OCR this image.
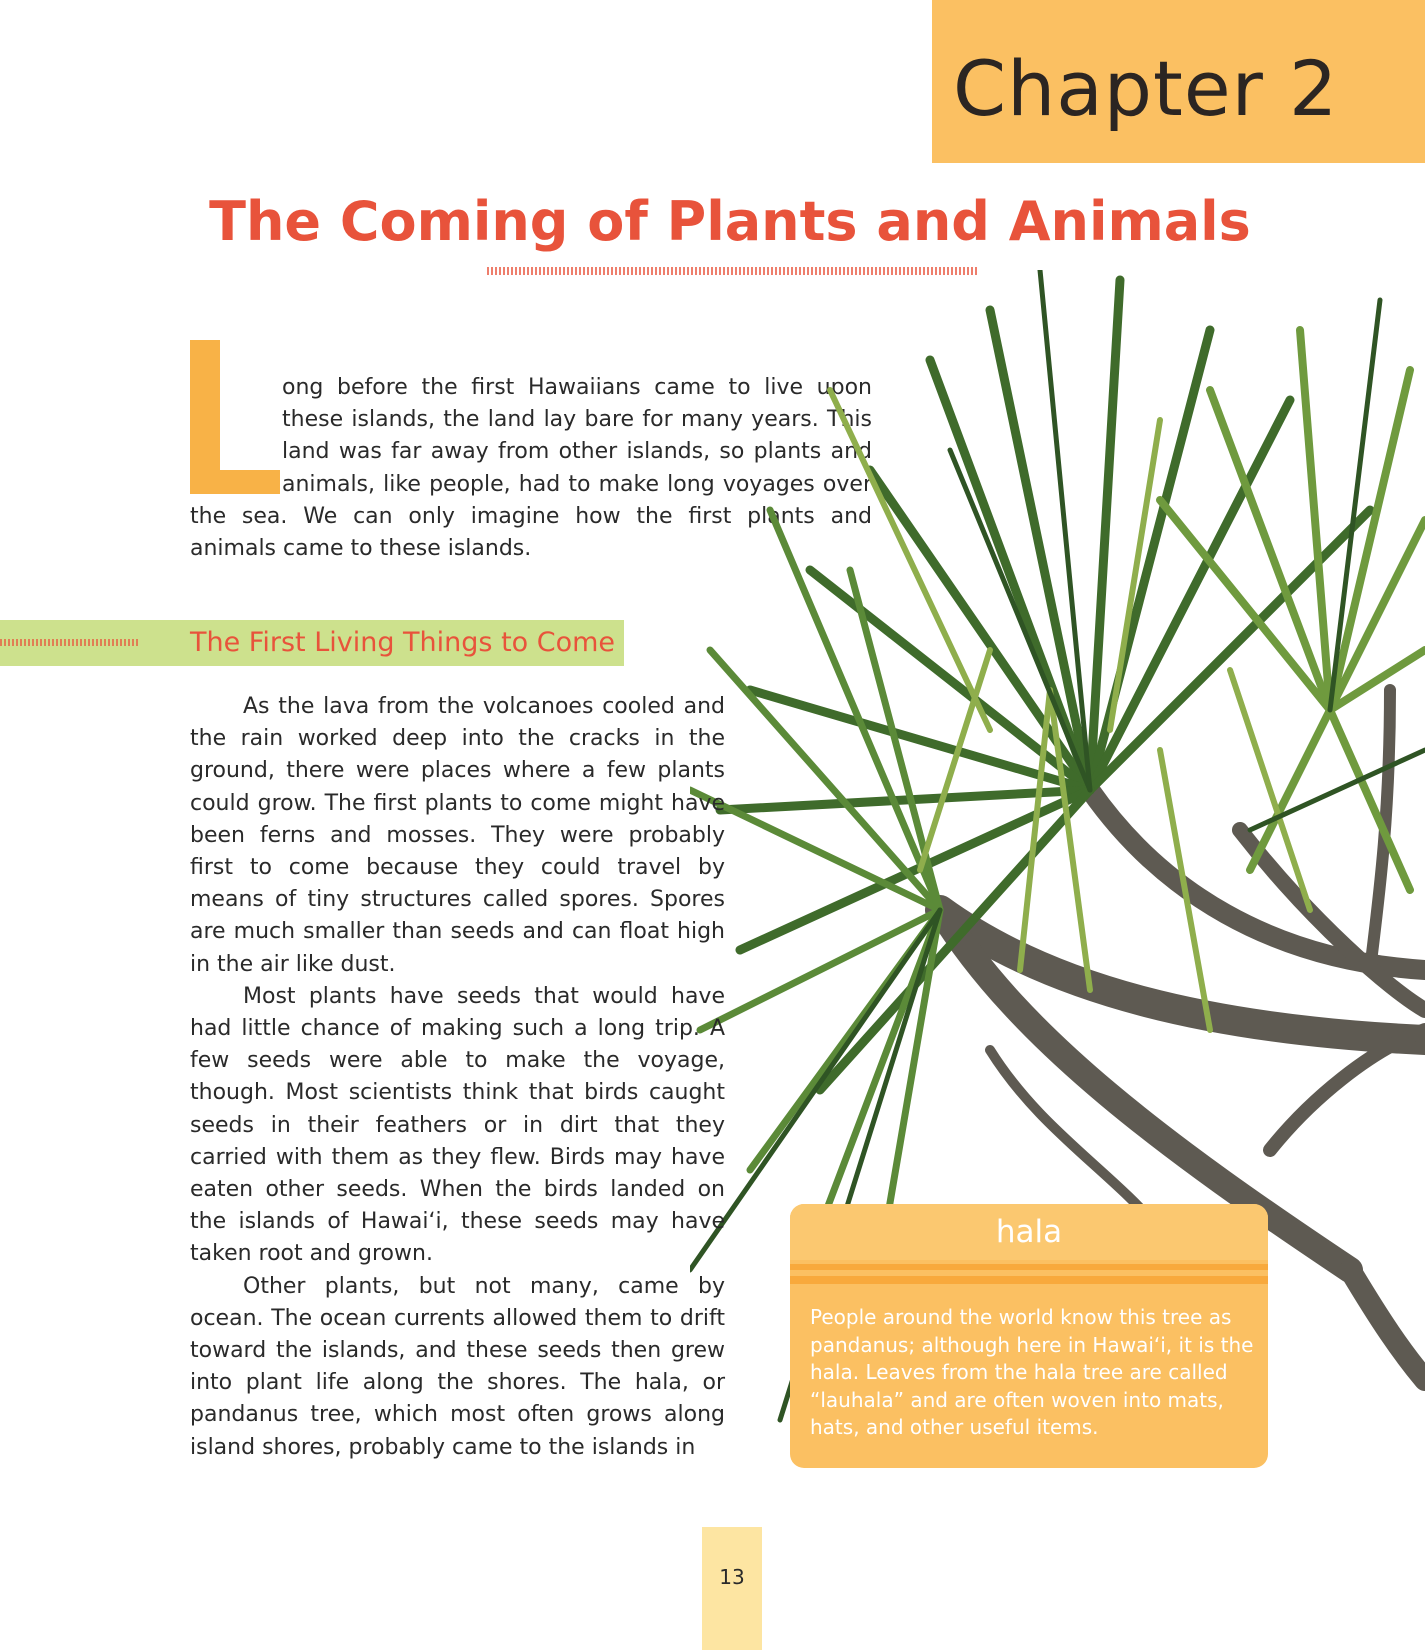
Chapter 2
The Coming of Plants and Animals
ong before the first Hawaiians came to live upon these islands, the land lay bare for many years. This land was far away from other islands, so plants and animals, like people, had to make long voyages over the sea. We can only imagine how the first plants and animals came to these islands.
The First Living Things to Come

As the lava from the volcanoes cooled and the rain worked deep into the cracks in the ground, there were places where a few plants could grow. The first plants to come might have been ferns and mosses. They were probably first to come because they could travel by means of tiny structures called spores. Spores are much smaller than seeds and can float high in the air like dust.

Most plants have seeds that would have had little chance of making such a long trip. A few seeds were able to make the voyage, though. Most scientists think that birds caught seeds in their feathers or in dirt that they carried with them as they flew. Birds may have eaten other seeds. When the birds landed on the islands of Hawaiʻi, these seeds may have taken root and grown.

Other plants, but not many, came by ocean. The ocean currents allowed them to drift toward the islands, and these seeds then grew into plant life along the shores. The hala, or pandanus tree, which most often grows along island shores, probably came to the islands in

hala
People around the world know this tree as pandanus; although here in Hawaiʻi, it is the hala. Leaves from the hala tree are called “lauhala” and are often woven into mats, hats, and other useful items.
13
